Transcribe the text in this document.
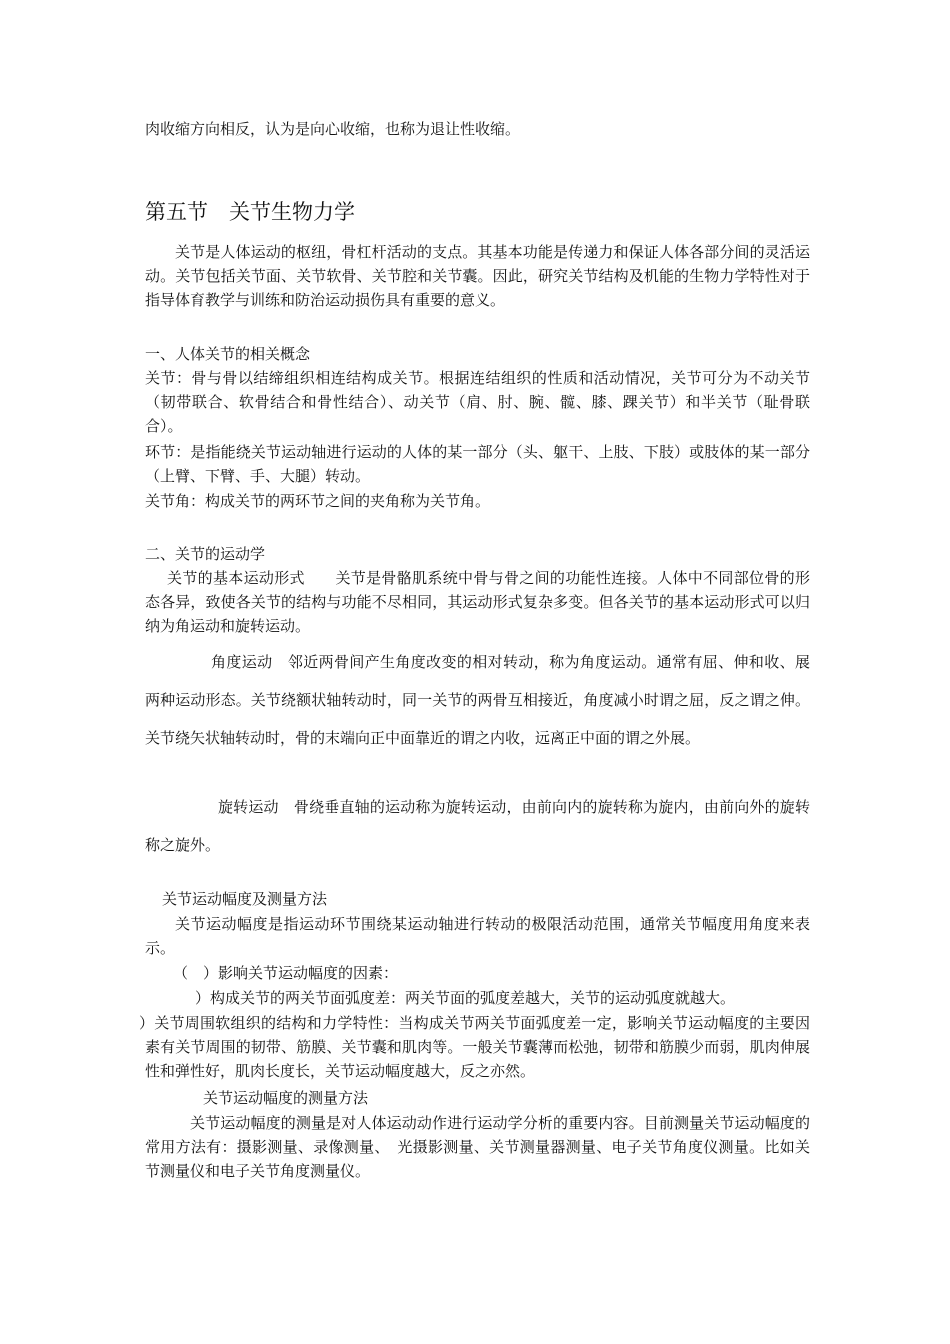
肉收缩方向相反，认为是向心收缩，也称为退让性收缩。

第五节　关节生物力学

关节是人体运动的枢纽，骨杠杆活动的支点。其基本功能是传递力和保证人体各部分间的灵活运动。关节包括关节面、关节软骨、关节腔和关节囊。因此，研究关节结构及机能的生物力学特性对于指导体育教学与训练和防治运动损伤具有重要的意义。

一、人体关节的相关概念

关节：骨与骨以结缔组织相连结构成关节。根据连结组织的性质和活动情况，关节可分为不动关节（韧带联合、软骨结合和骨性结合）、动关节（肩、肘、腕、髋、膝、踝关节）和半关节（耻骨联合）。

环节：是指能绕关节运动轴进行运动的人体的某一部分（头、躯干、上肢、下肢）或肢体的某一部分（上臂、下臂、手、大腿）转动。

关节角：构成关节的两环节之间的夹角称为关节角。

二、关节的运动学

关节的基本运动形式　　关节是骨骼肌系统中骨与骨之间的功能性连接。人体中不同部位骨的形态各异，致使各关节的结构与功能不尽相同，其运动形式复杂多变。但各关节的基本运动形式可以归纳为角运动和旋转运动。

角度运动　邻近两骨间产生角度改变的相对转动，称为角度运动。通常有屈、伸和收、展两种运动形态。关节绕额状轴转动时，同一关节的两骨互相接近，角度减小时谓之屈，反之谓之伸。关节绕矢状轴转动时，骨的末端向正中面靠近的谓之内收，远离正中面的谓之外展。

旋转运动　骨绕垂直轴的运动称为旋转运动，由前向内的旋转称为旋内，由前向外的旋转称之旋外。

关节运动幅度及测量方法

关节运动幅度是指运动环节围绕某运动轴进行转动的极限活动范围，通常关节幅度用角度来表示。

（　）影响关节运动幅度的因素：

）构成关节的两关节面弧度差：两关节面的弧度差越大，关节的运动弧度就越大。

）关节周围软组织的结构和力学特性：当构成关节两关节面弧度差一定，影响关节运动幅度的主要因素有关节周围的韧带、筋膜、关节囊和肌肉等。一般关节囊薄而松弛，韧带和筋膜少而弱，肌肉伸展性和弹性好，肌肉长度长，关节运动幅度越大，反之亦然。

关节运动幅度的测量方法

关节运动幅度的测量是对人体运动动作进行运动学分析的重要内容。目前测量关节运动幅度的常用方法有：摄影测量、录像测量、　光摄影测量、关节测量器测量、电子关节角度仪测量。比如关节测量仪和电子关节角度测量仪。
